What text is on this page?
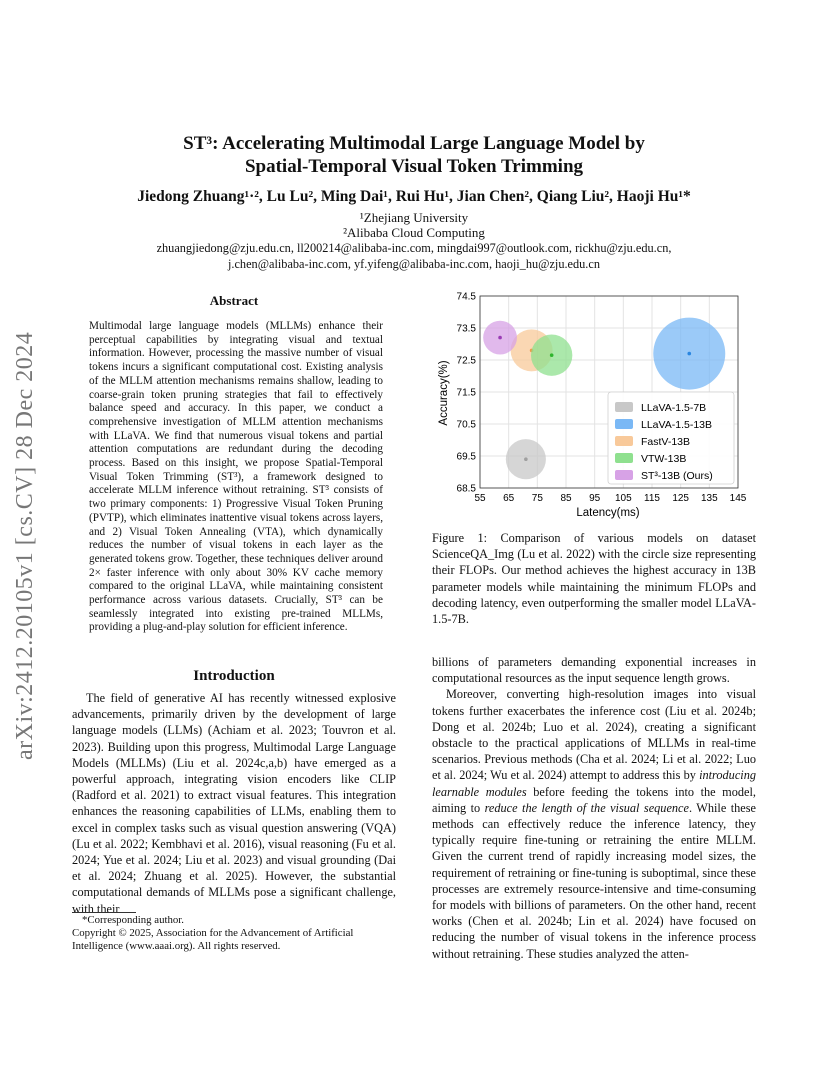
arXiv:2412.20105v1 [cs.CV] 28 Dec 2024
ST³: Accelerating Multimodal Large Language Model by
Spatial-Temporal Visual Token Trimming
Jiedong Zhuang¹·², Lu Lu², Ming Dai¹, Rui Hu¹, Jian Chen², Qiang Liu², Haoji Hu¹*
¹Zhejiang University
²Alibaba Cloud Computing
zhuangjiedong@zju.edu.cn, ll200214@alibaba-inc.com, mingdai997@outlook.com, rickhu@zju.edu.cn,
j.chen@alibaba-inc.com, yf.yifeng@alibaba-inc.com, haoji_hu@zju.edu.cn
Abstract
Multimodal large language models (MLLMs) enhance their perceptual capabilities by integrating visual and textual information. However, processing the massive number of visual tokens incurs a significant computational cost. Existing analysis of the MLLM attention mechanisms remains shallow, leading to coarse-grain token pruning strategies that fail to effectively balance speed and accuracy. In this paper, we conduct a comprehensive investigation of MLLM attention mechanisms with LLaVA. We find that numerous visual tokens and partial attention computations are redundant during the decoding process. Based on this insight, we propose Spatial-Temporal Visual Token Trimming (ST³), a framework designed to accelerate MLLM inference without retraining. ST³ consists of two primary components: 1) Progressive Visual Token Pruning (PVTP), which eliminates inattentive visual tokens across layers, and 2) Visual Token Annealing (VTA), which dynamically reduces the number of visual tokens in each layer as the generated tokens grow. Together, these techniques deliver around 2× faster inference with only about 30% KV cache memory compared to the original LLaVA, while maintaining consistent performance across various datasets. Crucially, ST³ can be seamlessly integrated into existing pre-trained MLLMs, providing a plug-and-play solution for efficient inference.
Introduction

The field of generative AI has recently witnessed explosive advancements, primarily driven by the development of large language models (LLMs) (Achiam et al. 2023; Touvron et al. 2023). Building upon this progress, Multimodal Large Language Models (MLLMs) (Liu et al. 2024c,a,b) have emerged as a powerful approach, integrating vision encoders like CLIP (Radford et al. 2021) to extract visual features. This integration enhances the reasoning capabilities of LLMs, enabling them to excel in complex tasks such as visual question answering (VQA) (Lu et al. 2022; Kembhavi et al. 2016), visual reasoning (Fu et al. 2024; Yue et al. 2024; Liu et al. 2023) and visual grounding (Dai et al. 2024; Zhuang et al. 2025). However, the substantial computational demands of MLLMs pose a significant challenge, with their

*Corresponding author.
Copyright © 2025, Association for the Advancement of Artificial Intelligence (www.aaai.org). All rights reserved.
55 65 75 85 95 105 115 125 135 145
68.5
69.5
70.5
71.5
72.5
73.5
74.5
Latency(ms)
Accuracy(%)	LLaVA-1.5-7B
LLaVA-1.5-13B
FastV-13B
VTW-13B
ST³-13B (Ours)
Figure 1: Comparison of various models on dataset ScienceQA_Img (Lu et al. 2022) with the circle size representing their FLOPs. Our method achieves the highest accuracy in 13B parameter models while maintaining the minimum FLOPs and decoding latency, even outperforming the smaller model LLaVA-1.5-7B.

billions of parameters demanding exponential increases in computational resources as the input sequence length grows.

Moreover, converting high-resolution images into visual tokens further exacerbates the inference cost (Liu et al. 2024b; Dong et al. 2024b; Luo et al. 2024), creating a significant obstacle to the practical applications of MLLMs in real-time scenarios. Previous methods (Cha et al. 2024; Li et al. 2022; Luo et al. 2024; Wu et al. 2024) attempt to address this by introducing learnable modules before feeding the tokens into the model, aiming to reduce the length of the visual sequence. While these methods can effectively reduce the inference latency, they typically require fine-tuning or retraining the entire MLLM. Given the current trend of rapidly increasing model sizes, the requirement of retraining or fine-tuning is suboptimal, since these processes are extremely resource-intensive and time-consuming for models with billions of parameters. On the other hand, recent works (Chen et al. 2024b; Lin et al. 2024) have focused on reducing the number of visual tokens in the inference process without retraining. These studies analyzed the atten-
